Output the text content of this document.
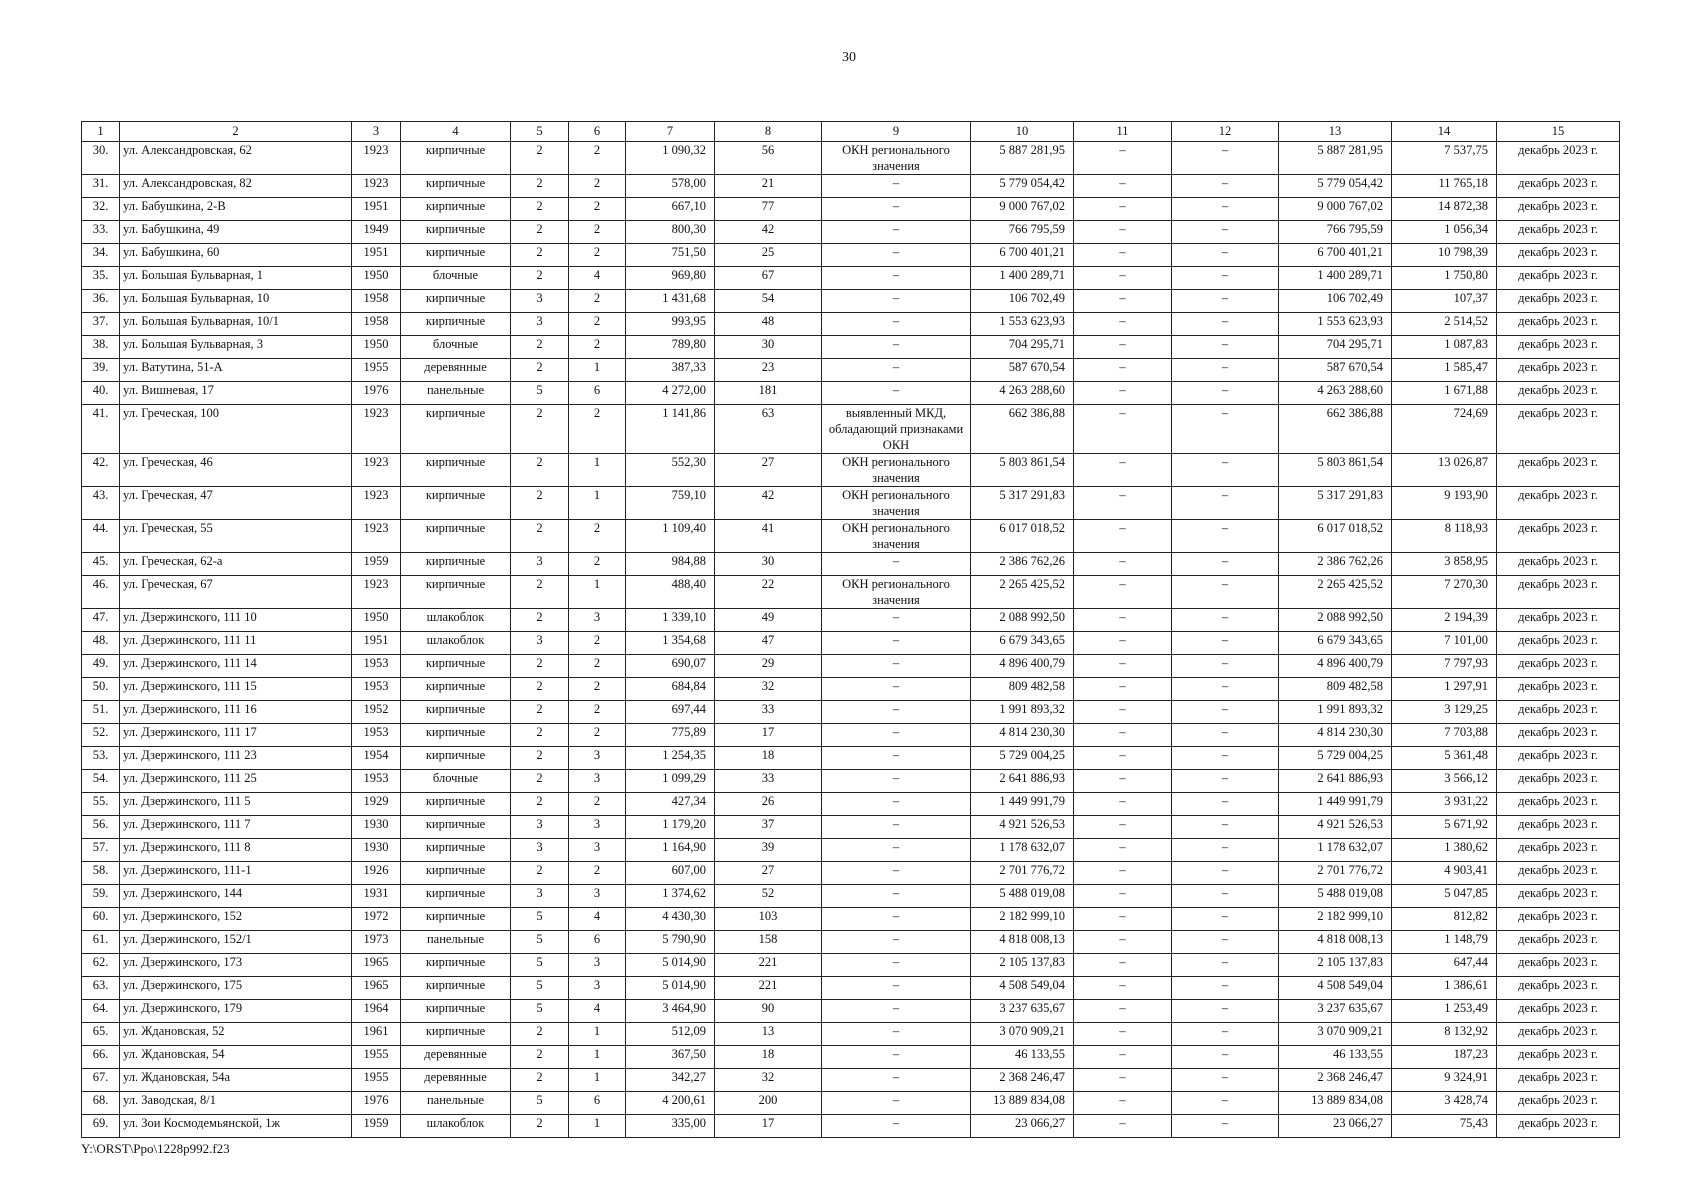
30
1	2	3	4	5	6	7	8	9	10	11	12	13	14	15
30.	ул. Александровская, 62	1923	кирпичные	2	2	1 090,32	56	ОКН регионального значения	5 887 281,95	–	–	5 887 281,95	7 537,75	декабрь 2023 г.
31.	ул. Александровская, 82	1923	кирпичные	2	2	578,00	21	–	5 779 054,42	–	–	5 779 054,42	11 765,18	декабрь 2023 г.
32.	ул. Бабушкина, 2-В	1951	кирпичные	2	2	667,10	77	–	9 000 767,02	–	–	9 000 767,02	14 872,38	декабрь 2023 г.
33.	ул. Бабушкина, 49	1949	кирпичные	2	2	800,30	42	–	766 795,59	–	–	766 795,59	1 056,34	декабрь 2023 г.
34.	ул. Бабушкина, 60	1951	кирпичные	2	2	751,50	25	–	6 700 401,21	–	–	6 700 401,21	10 798,39	декабрь 2023 г.
35.	ул. Большая Бульварная, 1	1950	блочные	2	4	969,80	67	–	1 400 289,71	–	–	1 400 289,71	1 750,80	декабрь 2023 г.
36.	ул. Большая Бульварная, 10	1958	кирпичные	3	2	1 431,68	54	–	106 702,49	–	–	106 702,49	107,37	декабрь 2023 г.
37.	ул. Большая Бульварная, 10/1	1958	кирпичные	3	2	993,95	48	–	1 553 623,93	–	–	1 553 623,93	2 514,52	декабрь 2023 г.
38.	ул. Большая Бульварная, 3	1950	блочные	2	2	789,80	30	–	704 295,71	–	–	704 295,71	1 087,83	декабрь 2023 г.
39.	ул. Ватутина, 51-А	1955	деревянные	2	1	387,33	23	–	587 670,54	–	–	587 670,54	1 585,47	декабрь 2023 г.
40.	ул. Вишневая, 17	1976	панельные	5	6	4 272,00	181	–	4 263 288,60	–	–	4 263 288,60	1 671,88	декабрь 2023 г.
41.	ул. Греческая, 100	1923	кирпичные	2	2	1 141,86	63	выявленный МКД, обладающий признаками ОКН	662 386,88	–	–	662 386,88	724,69	декабрь 2023 г.
42.	ул. Греческая, 46	1923	кирпичные	2	1	552,30	27	ОКН регионального значения	5 803 861,54	–	–	5 803 861,54	13 026,87	декабрь 2023 г.
43.	ул. Греческая, 47	1923	кирпичные	2	1	759,10	42	ОКН регионального значения	5 317 291,83	–	–	5 317 291,83	9 193,90	декабрь 2023 г.
44.	ул. Греческая, 55	1923	кирпичные	2	2	1 109,40	41	ОКН регионального значения	6 017 018,52	–	–	6 017 018,52	8 118,93	декабрь 2023 г.
45.	ул. Греческая, 62-а	1959	кирпичные	3	2	984,88	30	–	2 386 762,26	–	–	2 386 762,26	3 858,95	декабрь 2023 г.
46.	ул. Греческая, 67	1923	кирпичные	2	1	488,40	22	ОКН регионального значения	2 265 425,52	–	–	2 265 425,52	7 270,30	декабрь 2023 г.
47.	ул. Дзержинского, 111 10	1950	шлакоблок	2	3	1 339,10	49	–	2 088 992,50	–	–	2 088 992,50	2 194,39	декабрь 2023 г.
48.	ул. Дзержинского, 111 11	1951	шлакоблок	3	2	1 354,68	47	–	6 679 343,65	–	–	6 679 343,65	7 101,00	декабрь 2023 г.
49.	ул. Дзержинского, 111 14	1953	кирпичные	2	2	690,07	29	–	4 896 400,79	–	–	4 896 400,79	7 797,93	декабрь 2023 г.
50.	ул. Дзержинского, 111 15	1953	кирпичные	2	2	684,84	32	–	809 482,58	–	–	809 482,58	1 297,91	декабрь 2023 г.
51.	ул. Дзержинского, 111 16	1952	кирпичные	2	2	697,44	33	–	1 991 893,32	–	–	1 991 893,32	3 129,25	декабрь 2023 г.
52.	ул. Дзержинского, 111 17	1953	кирпичные	2	2	775,89	17	–	4 814 230,30	–	–	4 814 230,30	7 703,88	декабрь 2023 г.
53.	ул. Дзержинского, 111 23	1954	кирпичные	2	3	1 254,35	18	–	5 729 004,25	–	–	5 729 004,25	5 361,48	декабрь 2023 г.
54.	ул. Дзержинского, 111 25	1953	блочные	2	3	1 099,29	33	–	2 641 886,93	–	–	2 641 886,93	3 566,12	декабрь 2023 г.
55.	ул. Дзержинского, 111 5	1929	кирпичные	2	2	427,34	26	–	1 449 991,79	–	–	1 449 991,79	3 931,22	декабрь 2023 г.
56.	ул. Дзержинского, 111 7	1930	кирпичные	3	3	1 179,20	37	–	4 921 526,53	–	–	4 921 526,53	5 671,92	декабрь 2023 г.
57.	ул. Дзержинского, 111 8	1930	кирпичные	3	3	1 164,90	39	–	1 178 632,07	–	–	1 178 632,07	1 380,62	декабрь 2023 г.
58.	ул. Дзержинского, 111-1	1926	кирпичные	2	2	607,00	27	–	2 701 776,72	–	–	2 701 776,72	4 903,41	декабрь 2023 г.
59.	ул. Дзержинского, 144	1931	кирпичные	3	3	1 374,62	52	–	5 488 019,08	–	–	5 488 019,08	5 047,85	декабрь 2023 г.
60.	ул. Дзержинского, 152	1972	кирпичные	5	4	4 430,30	103	–	2 182 999,10	–	–	2 182 999,10	812,82	декабрь 2023 г.
61.	ул. Дзержинского, 152/1	1973	панельные	5	6	5 790,90	158	–	4 818 008,13	–	–	4 818 008,13	1 148,79	декабрь 2023 г.
62.	ул. Дзержинского, 173	1965	кирпичные	5	3	5 014,90	221	–	2 105 137,83	–	–	2 105 137,83	647,44	декабрь 2023 г.
63.	ул. Дзержинского, 175	1965	кирпичные	5	3	5 014,90	221	–	4 508 549,04	–	–	4 508 549,04	1 386,61	декабрь 2023 г.
64.	ул. Дзержинского, 179	1964	кирпичные	5	4	3 464,90	90	–	3 237 635,67	–	–	3 237 635,67	1 253,49	декабрь 2023 г.
65.	ул. Ждановская, 52	1961	кирпичные	2	1	512,09	13	–	3 070 909,21	–	–	3 070 909,21	8 132,92	декабрь 2023 г.
66.	ул. Ждановская, 54	1955	деревянные	2	1	367,50	18	–	46 133,55	–	–	46 133,55	187,23	декабрь 2023 г.
67.	ул. Ждановская, 54а	1955	деревянные	2	1	342,27	32	–	2 368 246,47	–	–	2 368 246,47	9 324,91	декабрь 2023 г.
68.	ул. Заводская, 8/1	1976	панельные	5	6	4 200,61	200	–	13 889 834,08	–	–	13 889 834,08	3 428,74	декабрь 2023 г.
69.	ул. Зои Космодемьянской, 1ж	1959	шлакоблок	2	1	335,00	17	–	23 066,27	–	–	23 066,27	75,43	декабрь 2023 г.
Y:\ORST\Ppo\1228p992.f23
